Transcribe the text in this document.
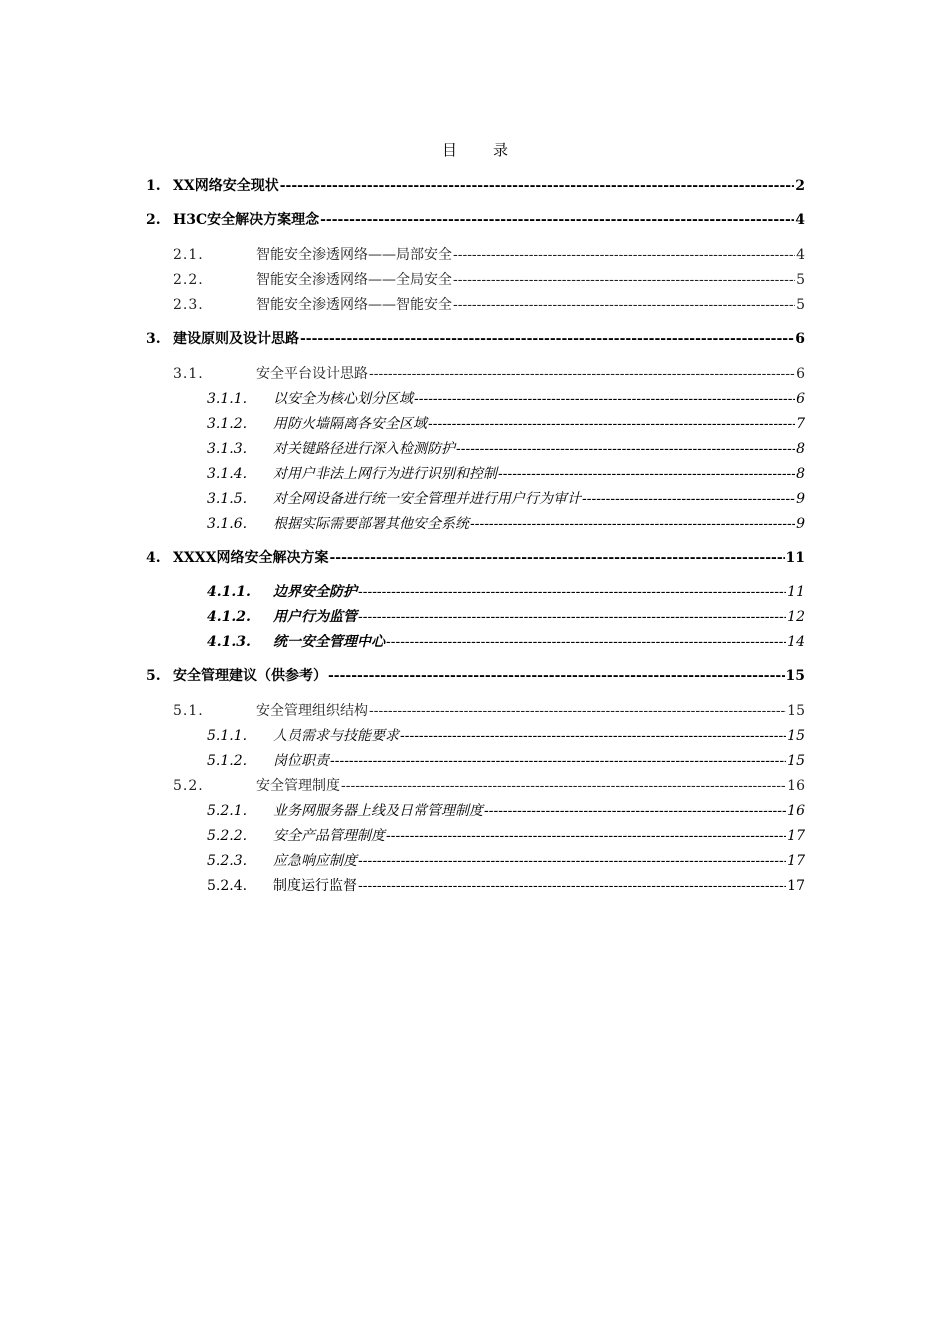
目 录
1. XX网络安全现状 -----	2
2. H3C安全解决方案理念 -----	4
2.1.	智能安全渗透网络——局部安全 -----	4
2.2.	智能安全渗透网络——全局安全 -----	5
2.3.	智能安全渗透网络——智能安全 -----	5
3. 建设原则及设计思路 -----	6
3.1.	安全平台设计思路 -----	6
3.1.1. 以安全为核心划分区域 -----	6
3.1.2. 用防火墙隔离各安全区域 -----	7
3.1.3. 对关键路径进行深入检测防护 -----	8
3.1.4. 对用户非法上网行为进行识别和控制 -----	8
3.1.5. 对全网设备进行统一安全管理并进行用户行为审计 -----	9
3.1.6. 根据实际需要部署其他安全系统 -----	9
4. XXXX网络安全解决方案 -----	11
4.1.1. 边界安全防护 -----	11
4.1.2. 用户行为监管 -----	12
4.1.3. 统一安全管理中心 -----	14
5. 安全管理建议（供参考） -----	15
5.1.	安全管理组织结构 -----	15
5.1.1. 人员需求与技能要求 -----	15
5.1.2. 岗位职责 -----	15
5.2.	安全管理制度 -----	16
5.2.1. 业务网服务器上线及日常管理制度 -----	16
5.2.2. 安全产品管理制度 -----	17
5.2.3. 应急响应制度 -----	17
5.2.4. 制度运行监督 -----	17
